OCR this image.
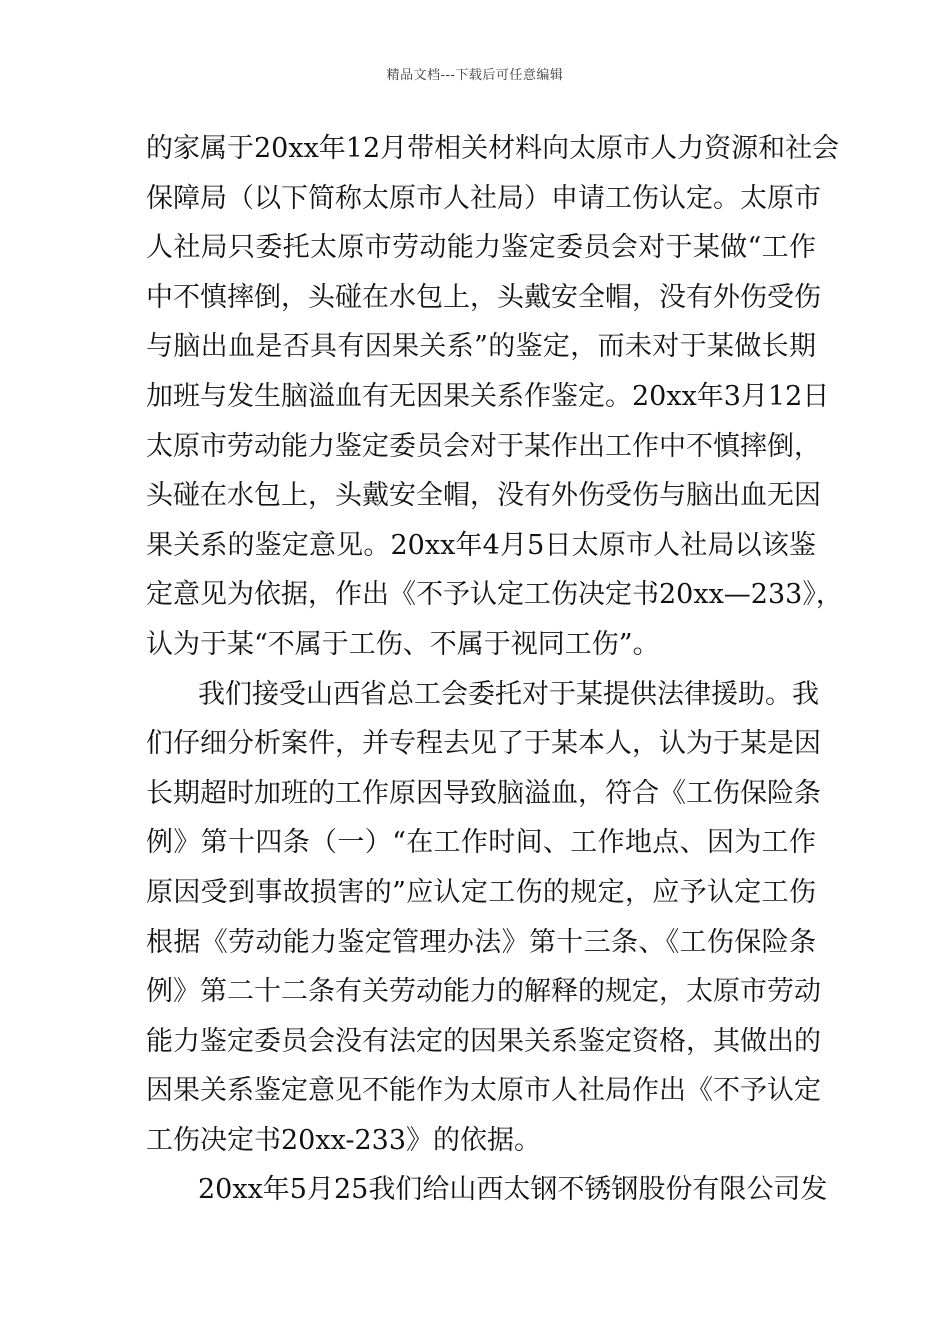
精品文档---下载后可任意编辑
的家属于20xx年12月带相关材料向太原市人力资源和社会
保障局（以下简称太原市人社局）申请工伤认定。太原市
人社局只委托太原市劳动能力鉴定委员会对于某做“工作
中不慎摔倒，头碰在水包上，头戴安全帽，没有外伤受伤
与脑出血是否具有因果关系”的鉴定，而未对于某做长期
加班与发生脑溢血有无因果关系作鉴定。20xx年3月12日
太原市劳动能力鉴定委员会对于某作出工作中不慎摔倒，
头碰在水包上，头戴安全帽，没有外伤受伤与脑出血无因
果关系的鉴定意见。20xx年4月5日太原市人社局以该鉴
定意见为依据，作出《不予认定工伤决定书20xx—233》，
认为于某“不属于工伤、不属于视同工伤”。
我们接受山西省总工会委托对于某提供法律援助。我
们仔细分析案件，并专程去见了于某本人，认为于某是因
长期超时加班的工作原因导致脑溢血，符合《工伤保险条
例》第十四条（一）“在工作时间、工作地点、因为工作
原因受到事故损害的”应认定工伤的规定，应予认定工伤
根据《劳动能力鉴定管理办法》第十三条、《工伤保险条
例》第二十二条有关劳动能力的解释的规定，太原市劳动
能力鉴定委员会没有法定的因果关系鉴定资格，其做出的
因果关系鉴定意见不能作为太原市人社局作出《不予认定
工伤决定书20xx-233》的依据。
20xx年5月25我们给山西太钢不锈钢股份有限公司发
